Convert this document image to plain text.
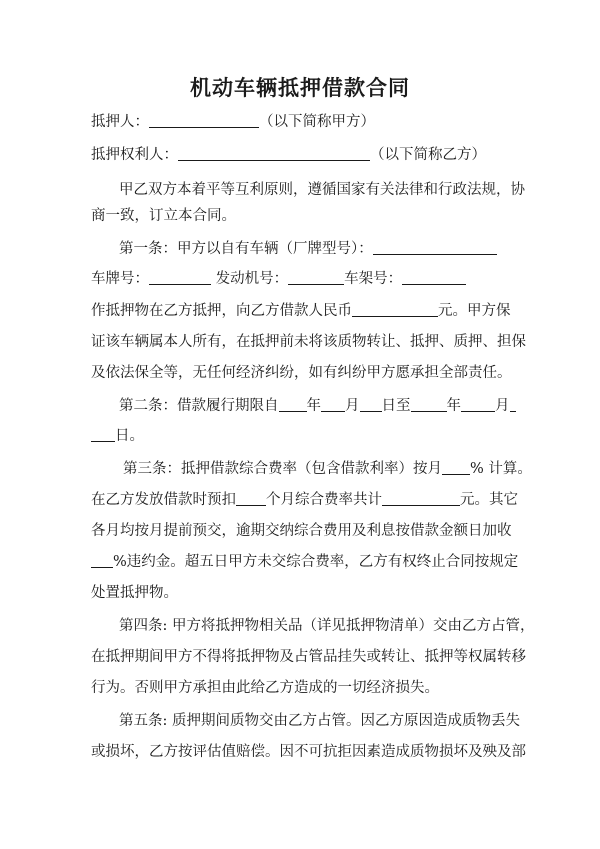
机动车辆抵押借款合同
抵押人：	（以下简称甲方）
抵押权利人：	（以下简称乙方）
甲乙双方本着平等互利原则，遵循国家有关法律和行政法规，协
商一致，订立本合同。
第一条：甲方以自有车辆（厂牌型号）：
车牌号：	发动机号：	车架号：
作抵押物在乙方抵押，向乙方借款人民币	元。甲方保
证该车辆属本人所有，在抵押前未将该质物转让、抵押、质押、担保
及依法保全等，无任何经济纠纷，如有纠纷甲方愿承担全部责任。
第二条：借款履行期限自 年 月 日至 年 月
日。
第三条：抵押借款综合费率（包含借款利率）按月 % 计算。
在乙方发放借款时预扣 个月综合费率共计	元。其它
各月均按月提前预交，逾期交纳综合费用及利息按借款金额日加收
%违约金。超五日甲方未交综合费率，乙方有权终止合同按规定
处置抵押物。
第四条: 甲方将抵押物相关品（详见抵押物清单）交由乙方占管，
在抵押期间甲方不得将抵押物及占管品挂失或转让、抵押等权属转移
行为。否则甲方承担由此给乙方造成的一切经济损失。
第五条: 质押期间质物交由乙方占管。因乙方原因造成质物丢失
或损坏，乙方按评估值赔偿。因不可抗拒因素造成质物损坏及殃及部
